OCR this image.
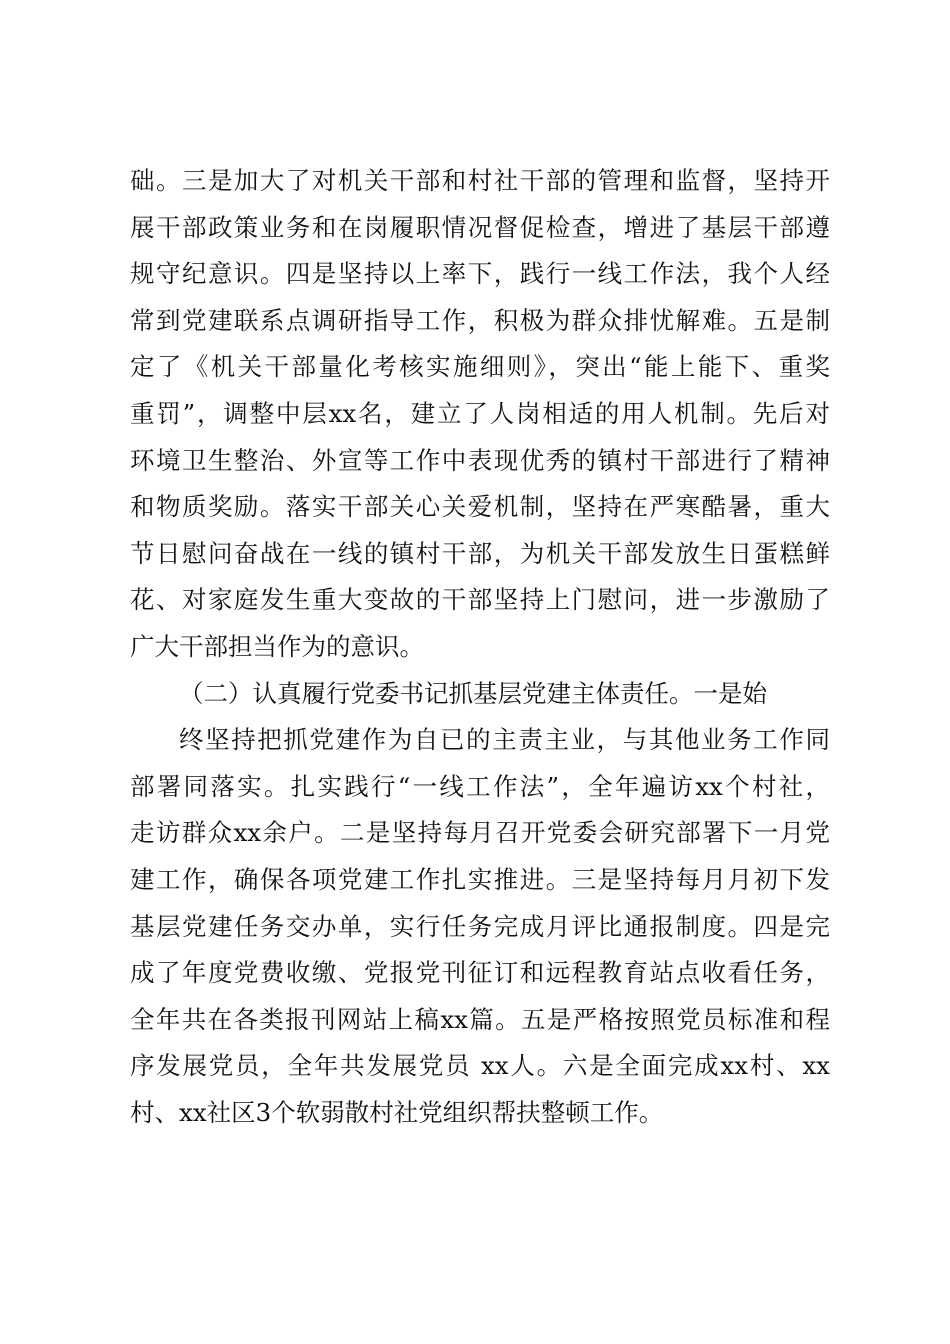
础。三是加大了对机关干部和村社干部的管理和监督，坚持开
展干部政策业务和在岗履职情况督促检查，增进了基层干部遵
规守纪意识。四是坚持以上率下，践行一线工作法，我个人经
常到党建联系点调研指导工作，积极为群众排忧解难。五是制
定了《机关干部量化考核实施细则》，突出“能上能下、重奖
重罚”，调整中层xx名，建立了人岗相适的用人机制。先后对
环境卫生整治、外宣等工作中表现优秀的镇村干部进行了精神
和物质奖励。落实干部关心关爱机制，坚持在严寒酷暑，重大
节日慰问奋战在一线的镇村干部，为机关干部发放生日蛋糕鲜
花、对家庭发生重大变故的干部坚持上门慰问，进一步激励了
广大干部担当作为的意识。
（二）认真履行党委书记抓基层党建主体责任。一是始
终坚持把抓党建作为自已的主责主业，与其他业务工作同
部署同落实。扎实践行“一线工作法”，全年遍访xx个村社，
走访群众xx余户。二是坚持每月召开党委会研究部署下一月党
建工作，确保各项党建工作扎实推进。三是坚持每月月初下发
基层党建任务交办单，实行任务完成月评比通报制度。四是完
成了年度党费收缴、党报党刊征订和远程教育站点收看任务，
全年共在各类报刊网站上稿xx篇。五是严格按照党员标准和程
序发展党员，全年共发展党员 xx人。六是全面完成xx村、xx
村、xx社区3个软弱散村社党组织帮扶整顿工作。
